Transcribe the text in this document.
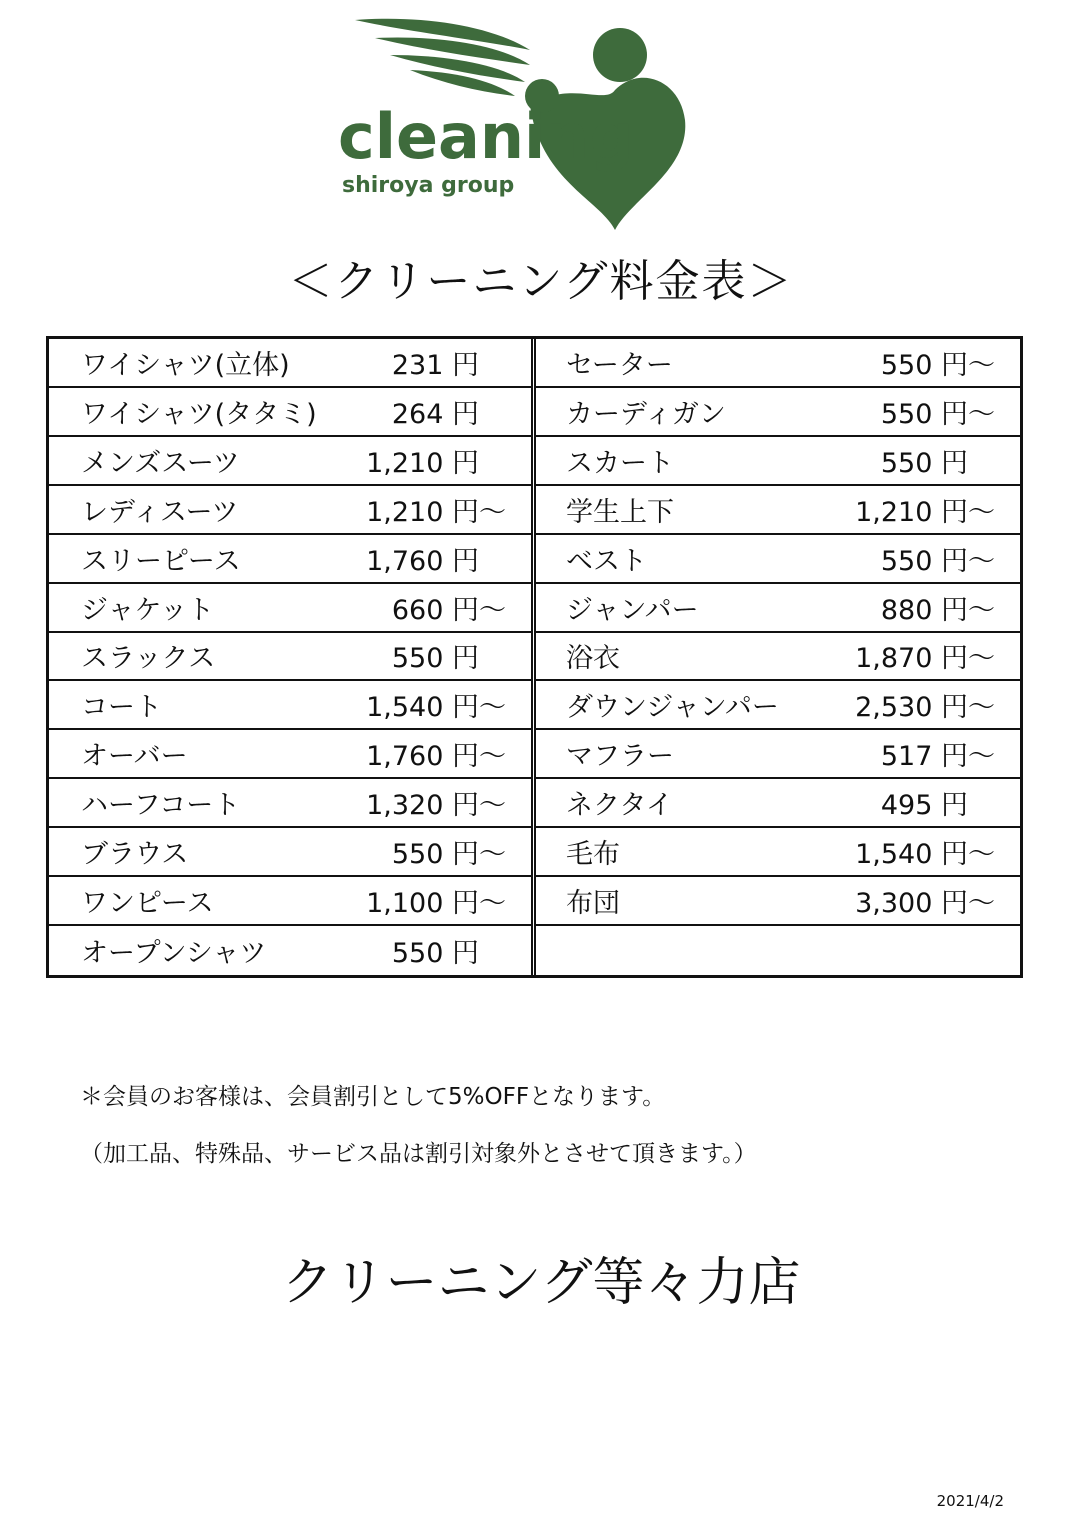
cleaning
shiroya group
＜クリーニング料金表＞
ワイシャツ(立体)	231 円
ワイシャツ(タタミ)	264 円
メンズスーツ	1,210 円
レディスーツ	1,210 円～
スリーピース	1,760 円
ジャケット	660 円～
スラックス	550 円
コート	1,540 円～
オーバー	1,760 円～
ハーフコート	1,320 円～
ブラウス	550 円～
ワンピース	1,100 円～
オープンシャツ	550 円
セーター	550 円～
カーディガン	550 円～
スカート	550 円
学生上下	1,210 円～
ベスト	550 円～
ジャンパー	880 円～
浴衣	1,870 円～
ダウンジャンパー	2,530 円～
マフラー	517 円～
ネクタイ	495 円
毛布	1,540 円～
布団	3,300 円～
＊会員のお客様は、会員割引として5%OFFとなります。
（加工品、特殊品、サービス品は割引対象外とさせて頂きます。）
クリーニング等々力店
2021/4/2
